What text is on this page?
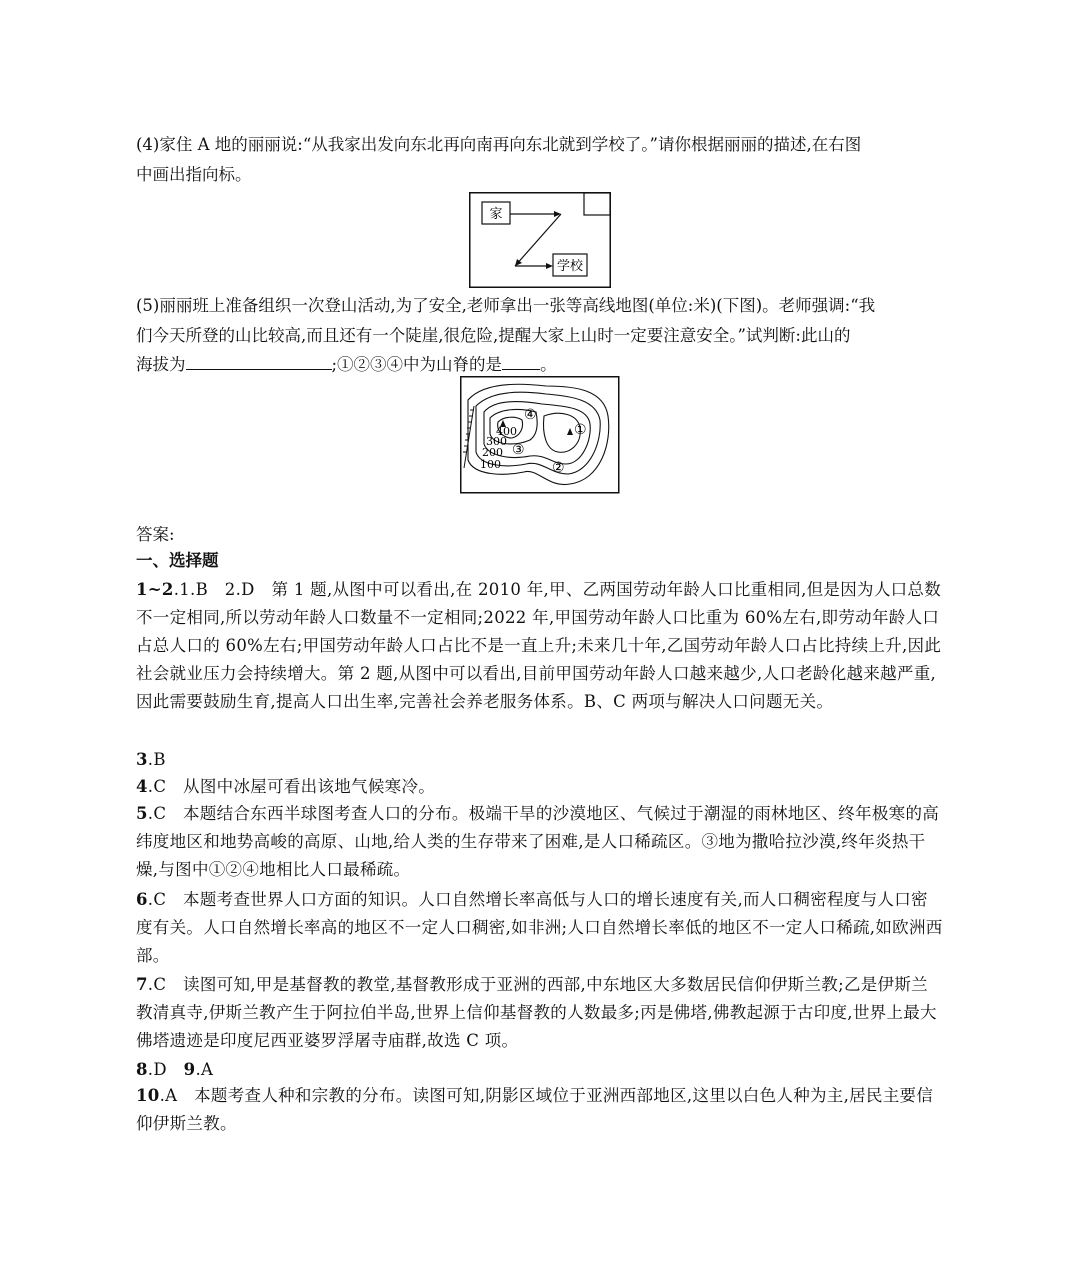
(4)家住 A 地的丽丽说:“从我家出发向东北再向南再向东北就到学校了。”请你根据丽丽的描述,在右图
中画出指向标。
家
学校
(5)丽丽班上准备组织一次登山活动,为了安全,老师拿出一张等高线地图(单位:米)(下图)。老师强调:“我
们今天所登的山比较高,而且还有一个陡崖,很危险,提醒大家上山时一定要注意安全。”试判断:此山的
海拔为	;①②③④中为山脊的是 。
400
300
200
100
①
②
③
④
答案:
一、选择题
1~2.1.B　2.D　第 1 题,从图中可以看出,在 2010 年,甲、乙两国劳动年龄人口比重相同,但是因为人口总数不一定相同,所以劳动年龄人口数量不一定相同;2022 年,甲国劳动年龄人口比重为 60%左右,即劳动年龄人口占总人口的 60%左右;甲国劳动年龄人口占比不是一直上升;未来几十年,乙国劳动年龄人口占比持续上升,因此社会就业压力会持续增大。第 2 题,从图中可以看出,目前甲国劳动年龄人口越来越少,人口老龄化越来越严重,因此需要鼓励生育,提高人口出生率,完善社会养老服务体系。B、C 两项与解决人口问题无关。
3.B
4.C　从图中冰屋可看出该地气候寒冷。
5.C　本题结合东西半球图考查人口的分布。极端干旱的沙漠地区、气候过于潮湿的雨林地区、终年极寒的高纬度地区和地势高峻的高原、山地,给人类的生存带来了困难,是人口稀疏区。③地为撒哈拉沙漠,终年炎热干燥,与图中①②④地相比人口最稀疏。
6.C　本题考查世界人口方面的知识。人口自然增长率高低与人口的增长速度有关,而人口稠密程度与人口密度有关。人口自然增长率高的地区不一定人口稠密,如非洲;人口自然增长率低的地区不一定人口稀疏,如欧洲西部。
7.C　读图可知,甲是基督教的教堂,基督教形成于亚洲的西部,中东地区大多数居民信仰伊斯兰教;乙是伊斯兰教清真寺,伊斯兰教产生于阿拉伯半岛,世界上信仰基督教的人数最多;丙是佛塔,佛教起源于古印度,世界上最大佛塔遗迹是印度尼西亚婆罗浮屠寺庙群,故选 C 项。
8.D　9.A
10.A　本题考查人种和宗教的分布。读图可知,阴影区域位于亚洲西部地区,这里以白色人种为主,居民主要信仰伊斯兰教。
